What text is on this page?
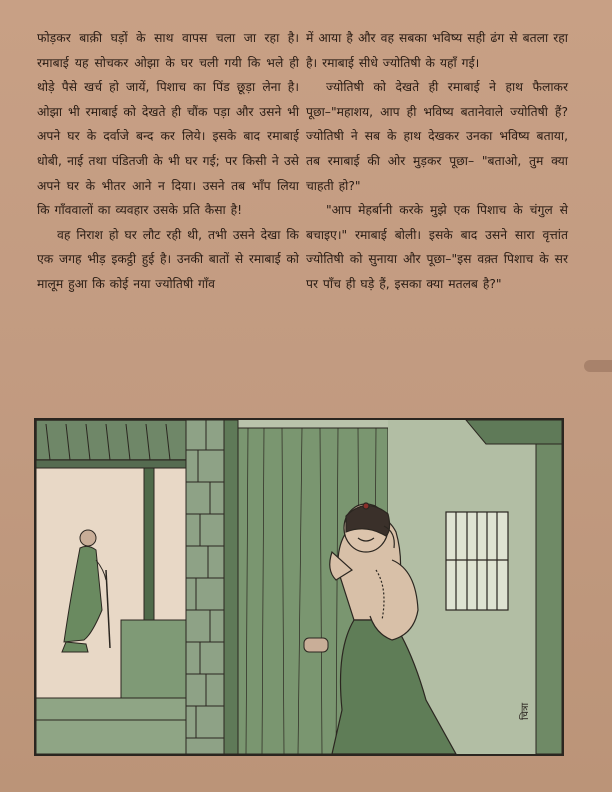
फोड़कर बाक़ी घड़ों के साथ वापस चला जा रहा है। रमाबाई यह सोचकर ओझा के घर चली गयी कि भले ही थोड़े पैसे खर्च हो जायें, पिशाच का पिंड छूड़ा लेना है। ओझा भी रमाबाई को देखते ही चौंक पड़ा और उसने भी अपने घर के दर्वाजे बन्द कर लिये। इसके बाद रमाबाई धोबी, नाई तथा पंडितजी के भी घर गई; पर किसी ने उसे अपने घर के भीतर आने न दिया। उसने तब भाँप लिया कि गाँववालों का व्यवहार उसके प्रति कैसा है!

वह निराश हो घर लौट रही थी, तभी उसने देखा कि एक जगह भीड़ इकट्ठी हुई है। उनकी बातों से रमाबाई को मालूम हुआ कि कोई नया ज्योतिषी गाँव

में आया है और वह सबका भविष्य सही ढंग से बतला रहा है। रमाबाई सीधे ज्योतिषी के यहाँ गई।

ज्योतिषी को देखते ही रमाबाई ने हाथ फैलाकर पूछा–"महाशय, आप ही भविष्य बतानेवाले ज्योतिषी हैं? ज्योतिषी ने सब के हाथ देखकर उनका भविष्य बताया, तब रमाबाई की ओर मुड़कर पूछा– "बताओ, तुम क्या चाहती हो?"

"आप मेहर्बानी करके मुझे एक पिशाच के चंगुल से बचाइए।" रमाबाई बोली। इसके बाद उसने सारा वृत्तांत ज्योतिषी को सुनाया और पूछा–"इस वक़्त पिशाच के सर पर पाँच ही घड़े हैं, इसका क्या मतलब है?"

चित्रा
